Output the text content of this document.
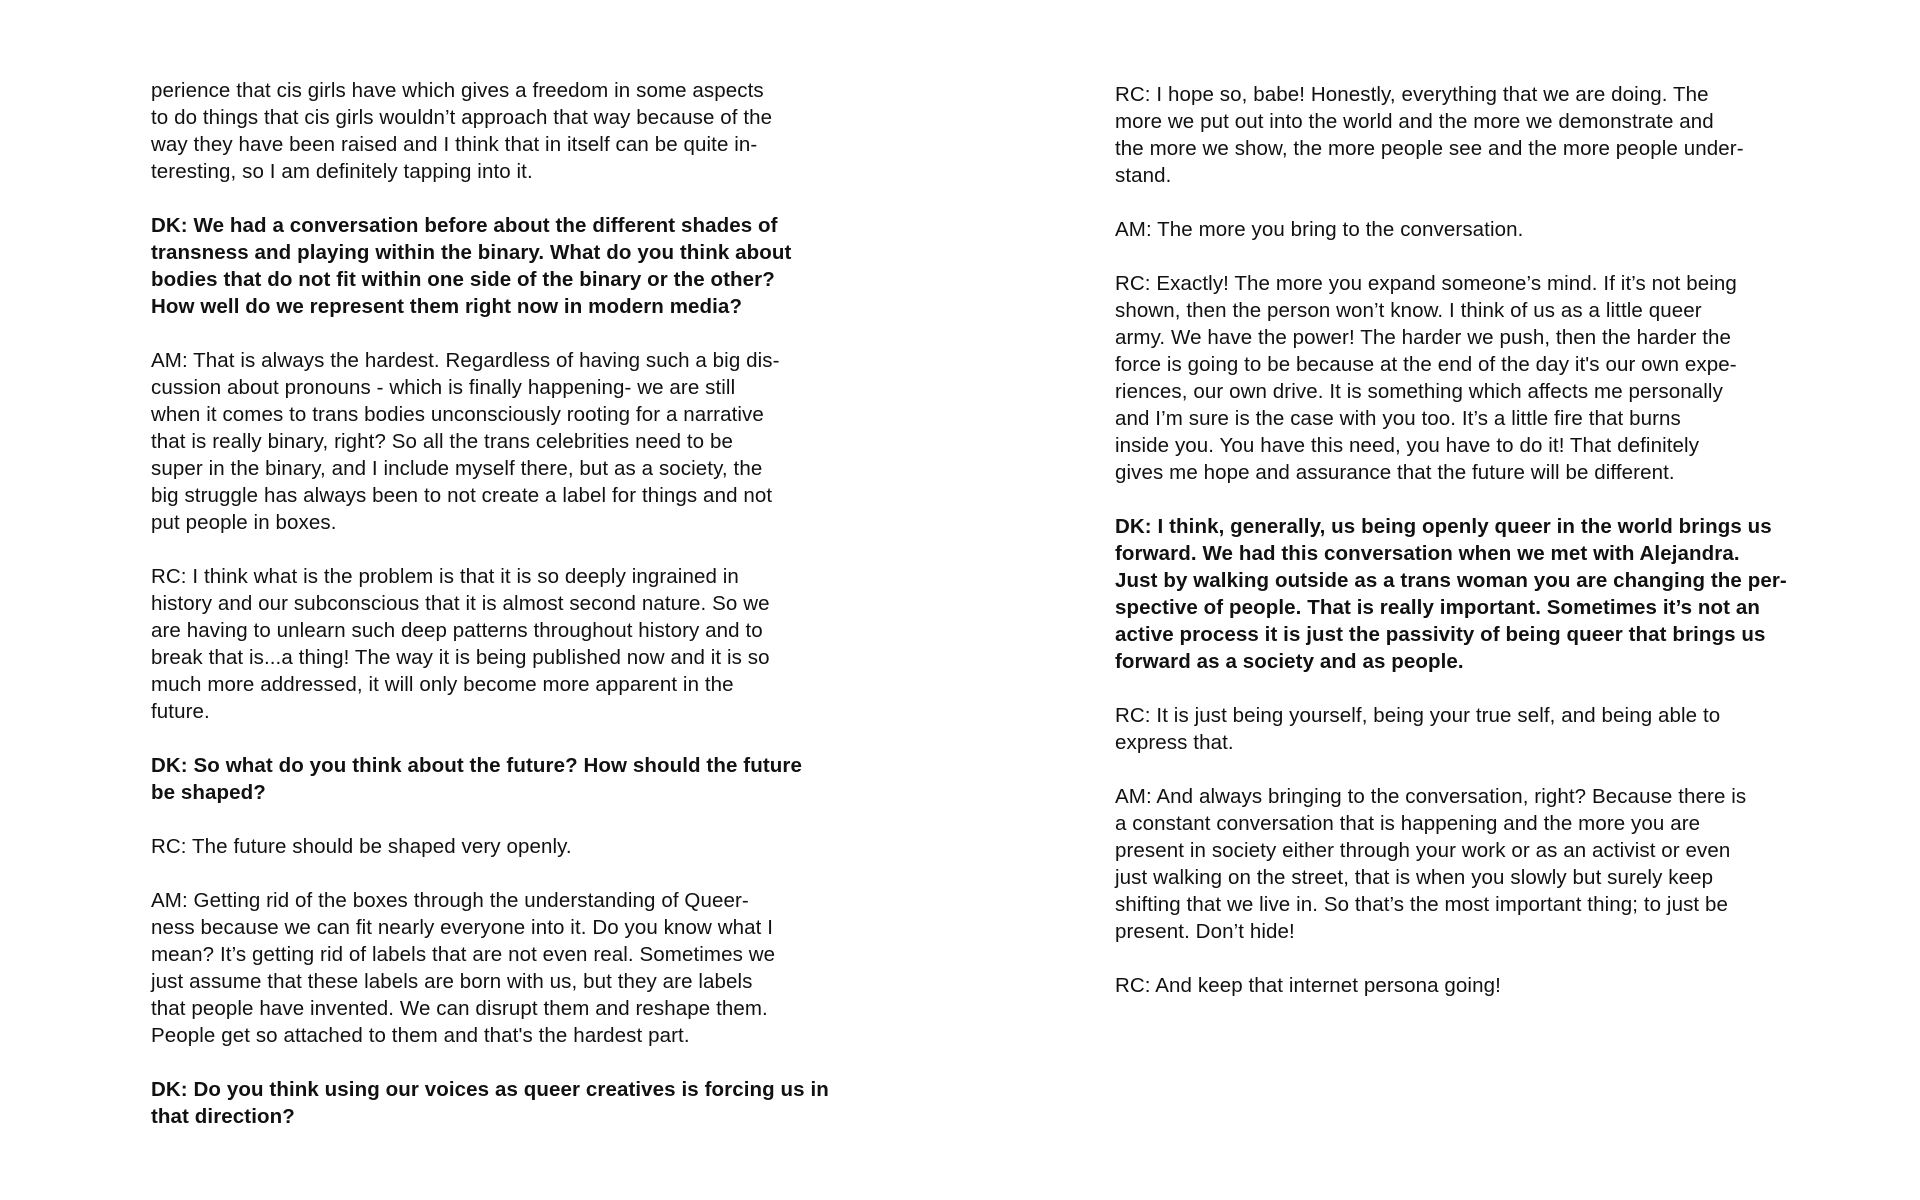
perience that cis girls have which gives a freedom in some aspects
to do things that cis girls wouldn’t approach that way because of the
way they have been raised and I think that in itself can be quite in-
teresting, so I am definitely tapping into it.

DK: We had a conversation before about the different shades of
transness and playing within the binary. What do you think about
bodies that do not fit within one side of the binary or the other?
How well do we represent them right now in modern media?

AM: That is always the hardest. Regardless of having such a big dis-
cussion about pronouns - which is finally happening- we are still
when it comes to trans bodies unconsciously rooting for a narrative
that is really binary, right? So all the trans celebrities need to be
super in the binary, and I include myself there, but as a society, the
big struggle has always been to not create a label for things and not
put people in boxes.

RC: I think what is the problem is that it is so deeply ingrained in
history and our subconscious that it is almost second nature. So we
are having to unlearn such deep patterns throughout history and to
break that is...a thing! The way it is being published now and it is so
much more addressed, it will only become more apparent in the
future.

DK: So what do you think about the future? How should the future
be shaped?

RC: The future should be shaped very openly.

AM: Getting rid of the boxes through the understanding of Queer-
ness because we can fit nearly everyone into it. Do you know what I
mean? It’s getting rid of labels that are not even real. Sometimes we
just assume that these labels are born with us, but they are labels
that people have invented. We can disrupt them and reshape them.
People get so attached to them and that's the hardest part.

DK: Do you think using our voices as queer creatives is forcing us in
that direction?

RC: I hope so, babe! Honestly, everything that we are doing. The
more we put out into the world and the more we demonstrate and
the more we show, the more people see and the more people under-
stand.

AM: The more you bring to the conversation.

RC: Exactly! The more you expand someone’s mind. If it’s not being
shown, then the person won’t know. I think of us as a little queer
army. We have the power! The harder we push, then the harder the
force is going to be because at the end of the day it's our own expe-
riences, our own drive. It is something which affects me personally
and I’m sure is the case with you too. It’s a little fire that burns
inside you. You have this need, you have to do it! That definitely
gives me hope and assurance that the future will be different.

DK: I think, generally, us being openly queer in the world brings us
forward. We had this conversation when we met with Alejandra.
Just by walking outside as a trans woman you are changing the per-
spective of people. That is really important. Sometimes it’s not an
active process it is just the passivity of being queer that brings us
forward as a society and as people.

RC: It is just being yourself, being your true self, and being able to
express that.

AM: And always bringing to the conversation, right? Because there is
a constant conversation that is happening and the more you are
present in society either through your work or as an activist or even
just walking on the street, that is when you slowly but surely keep
shifting that we live in. So that’s the most important thing; to just be
present. Don’t hide!

RC: And keep that internet persona going!
